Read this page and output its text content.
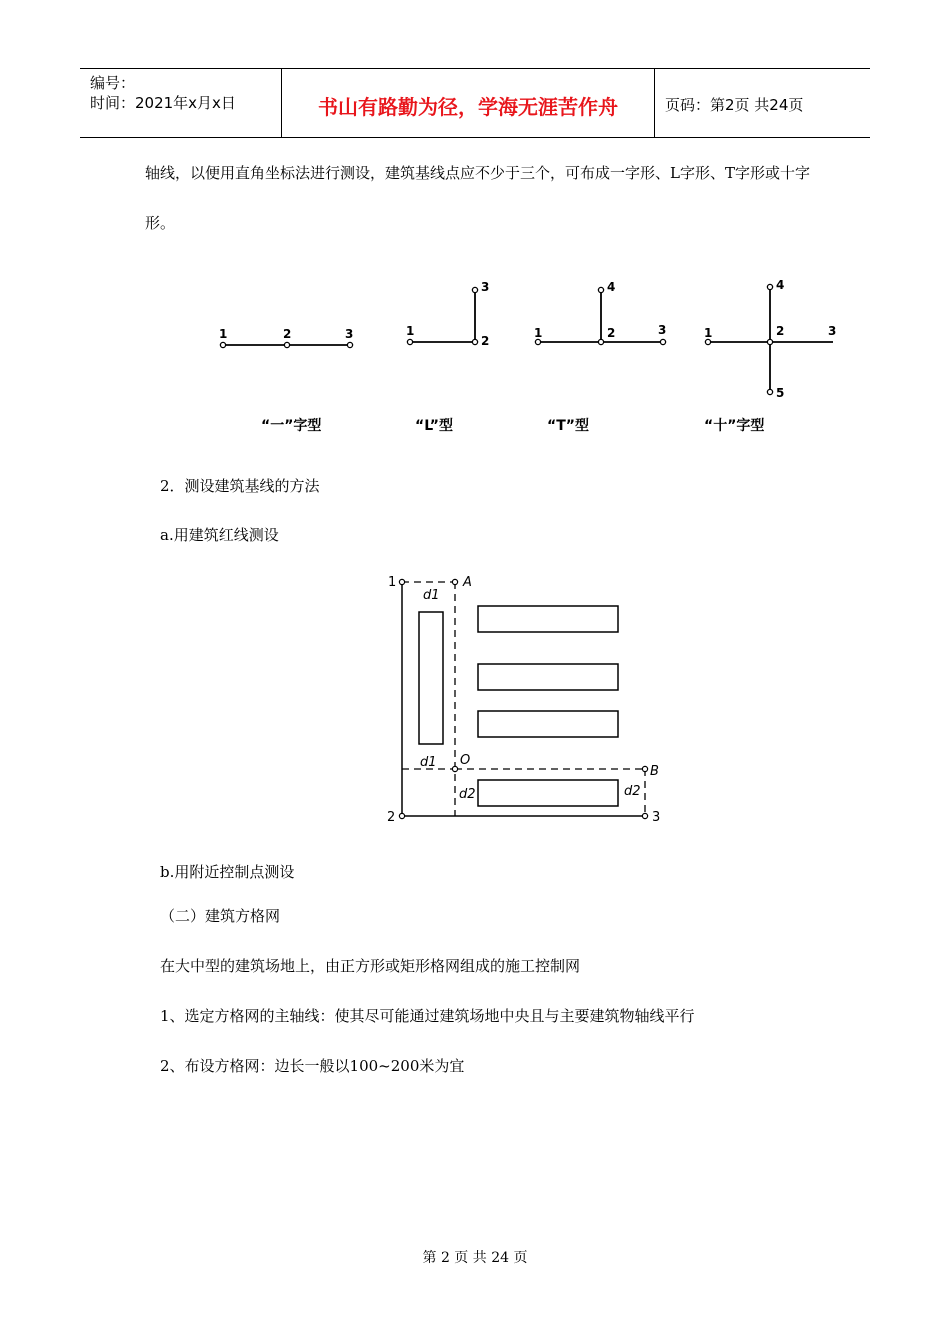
编号：
时间：2021年x月x日	书山有路勤为径，学海无涯苦作舟	页码：第2页 共24页
轴线，以便用直角坐标法进行测设，建筑基线点应不少于三个，可布成一字形、L字形、T字形或十字
形。
1	2	3	1
2
3
1	2	3
4
1	2	3
4
5
“一”字型	“L”型	“T”型	“十”字型
2．测设建筑基线的方法
a.用建筑红线测设
1	A
2	3
O
B
d1
d1
d2	d2
b.用附近控制点测设
（二）建筑方格网
在大中型的建筑场地上，由正方形或矩形格网组成的施工控制网
1、选定方格网的主轴线：使其尽可能通过建筑场地中央且与主要建筑物轴线平行
2、布设方格网：边长一般以100~200米为宜
第 2 页 共 24 页
